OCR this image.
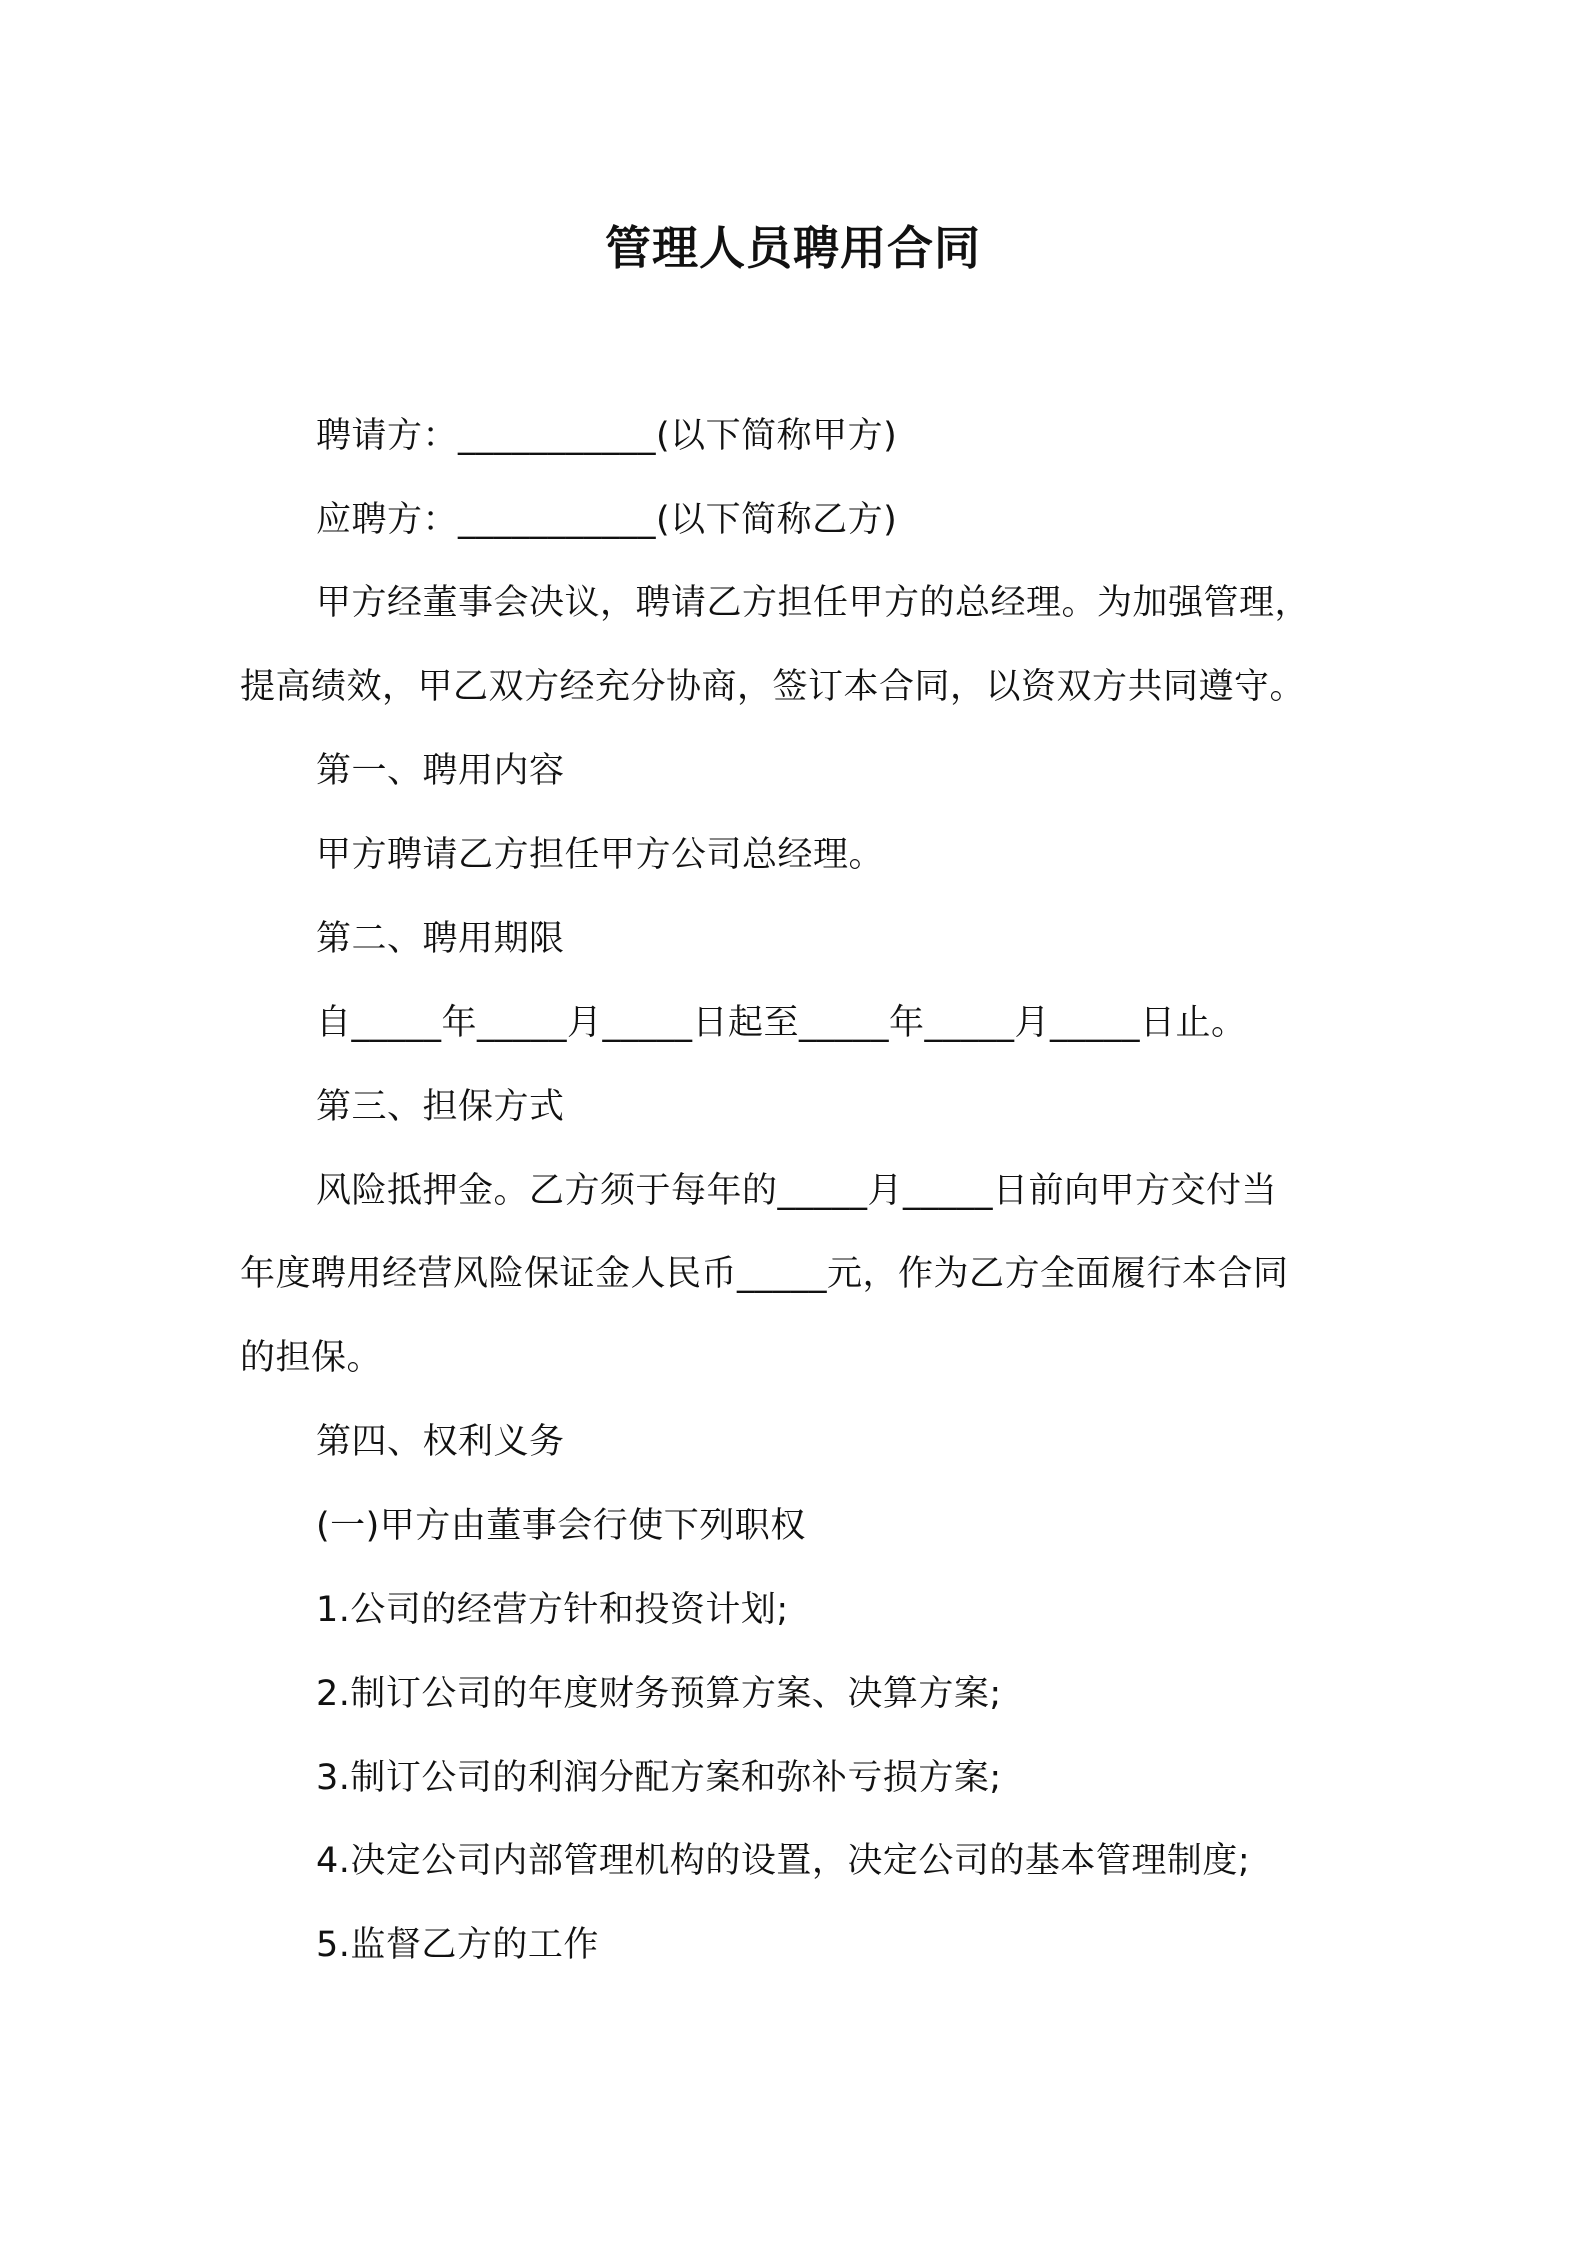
管理人员聘用合同
聘请方：___________(以下简称甲方)
应聘方：___________(以下简称乙方)
甲方经董事会决议，聘请乙方担任甲方的总经理。为加强管理，
提高绩效，甲乙双方经充分协商，签订本合同，以资双方共同遵守。
第一、聘用内容
甲方聘请乙方担任甲方公司总经理。
第二、聘用期限
自_____年_____月_____日起至_____年_____月_____日止。
第三、担保方式
风险抵押金。乙方须于每年的_____月_____日前向甲方交付当
年度聘用经营风险保证金人民币_____元，作为乙方全面履行本合同
的担保。
第四、权利义务
(一)甲方由董事会行使下列职权
1.公司的经营方针和投资计划;
2.制订公司的年度财务预算方案、决算方案;
3.制订公司的利润分配方案和弥补亏损方案;
4.决定公司内部管理机构的设置，决定公司的基本管理制度;
5.监督乙方的工作
